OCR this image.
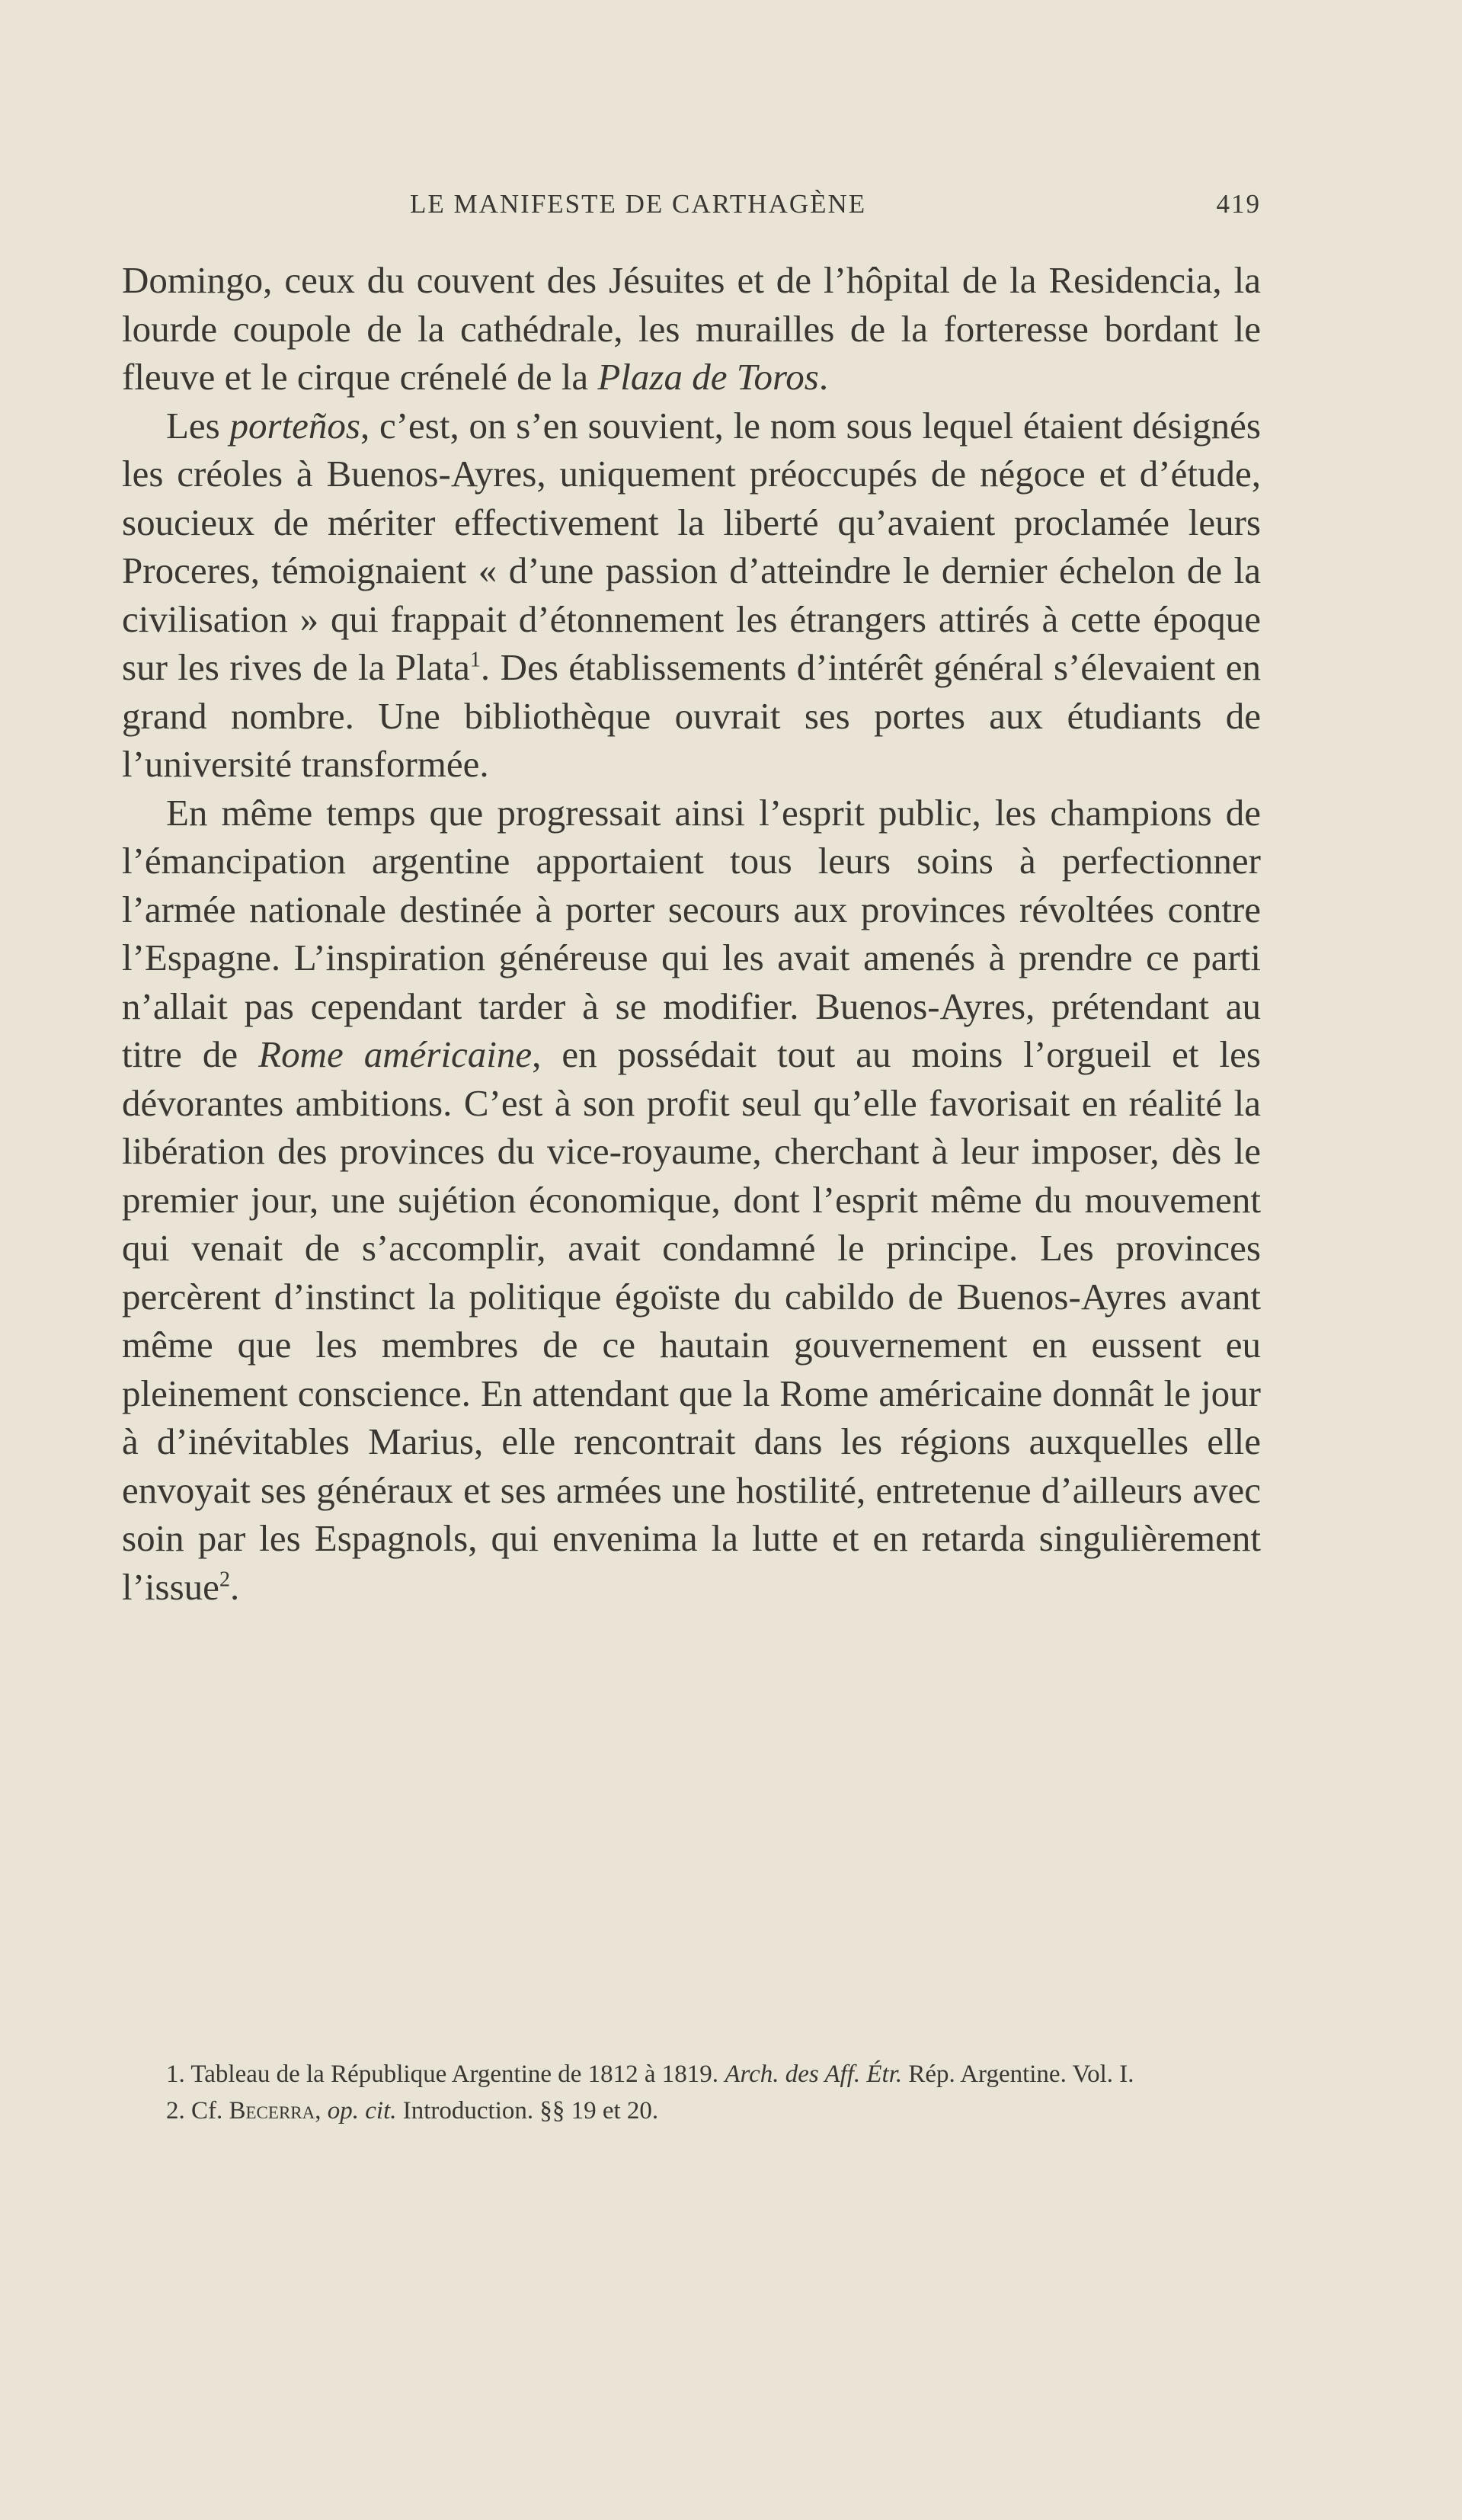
LE MANIFESTE DE CARTHAGÈNE	419

Domingo, ceux du couvent des Jésuites et de l’hôpital de la Residencia, la lourde coupole de la cathédrale, les murailles de la forteresse bordant le fleuve et le cirque crénelé de la Plaza de Toros.

Les porteños, c’est, on s’en souvient, le nom sous lequel étaient désignés les créoles à Buenos-Ayres, uniquement préoccupés de négoce et d’étude, soucieux de mériter effectivement la liberté qu’avaient proclamée leurs Proceres, témoignaient « d’une passion d’atteindre le dernier échelon de la civilisation » qui frappait d’étonnement les étrangers attirés à cette époque sur les rives de la Plata$^1$. Des établissements d’intérêt général s’élevaient en grand nombre. Une bibliothèque ouvrait ses portes aux étudiants de l’université transformée.

En même temps que progressait ainsi l’esprit public, les champions de l’émancipation argentine apportaient tous leurs soins à perfectionner l’armée nationale destinée à porter secours aux provinces révoltées contre l’Espagne. L’inspiration généreuse qui les avait amenés à prendre ce parti n’allait pas cependant tarder à se modifier. Buenos-Ayres, prétendant au titre de Rome américaine, en possédait tout au moins l’orgueil et les dévorantes ambitions. C’est à son profit seul qu’elle favorisait en réalité la libération des provinces du vice-royaume, cherchant à leur imposer, dès le premier jour, une sujétion économique, dont l’esprit même du mouvement qui venait de s’accomplir, avait condamné le principe. Les provinces percèrent d’instinct la politique égoïste du cabildo de Buenos-Ayres avant même que les membres de ce hautain gouvernement en eussent eu pleinement conscience. En attendant que la Rome américaine donnât le jour à d’inévitables Marius, elle rencontrait dans les régions auxquelles elle envoyait ses généraux et ses armées une hostilité, entretenue d’ailleurs avec soin par les Espagnols, qui envenima la lutte et en retarda singulièrement l’issue$^2$.

1. Tableau de la République Argentine de 1812 à 1819. Arch. des Aff. Étr. Rép. Argentine. Vol. I.

2. Cf. Becerra, op. cit. Introduction. §§ 19 et 20.
